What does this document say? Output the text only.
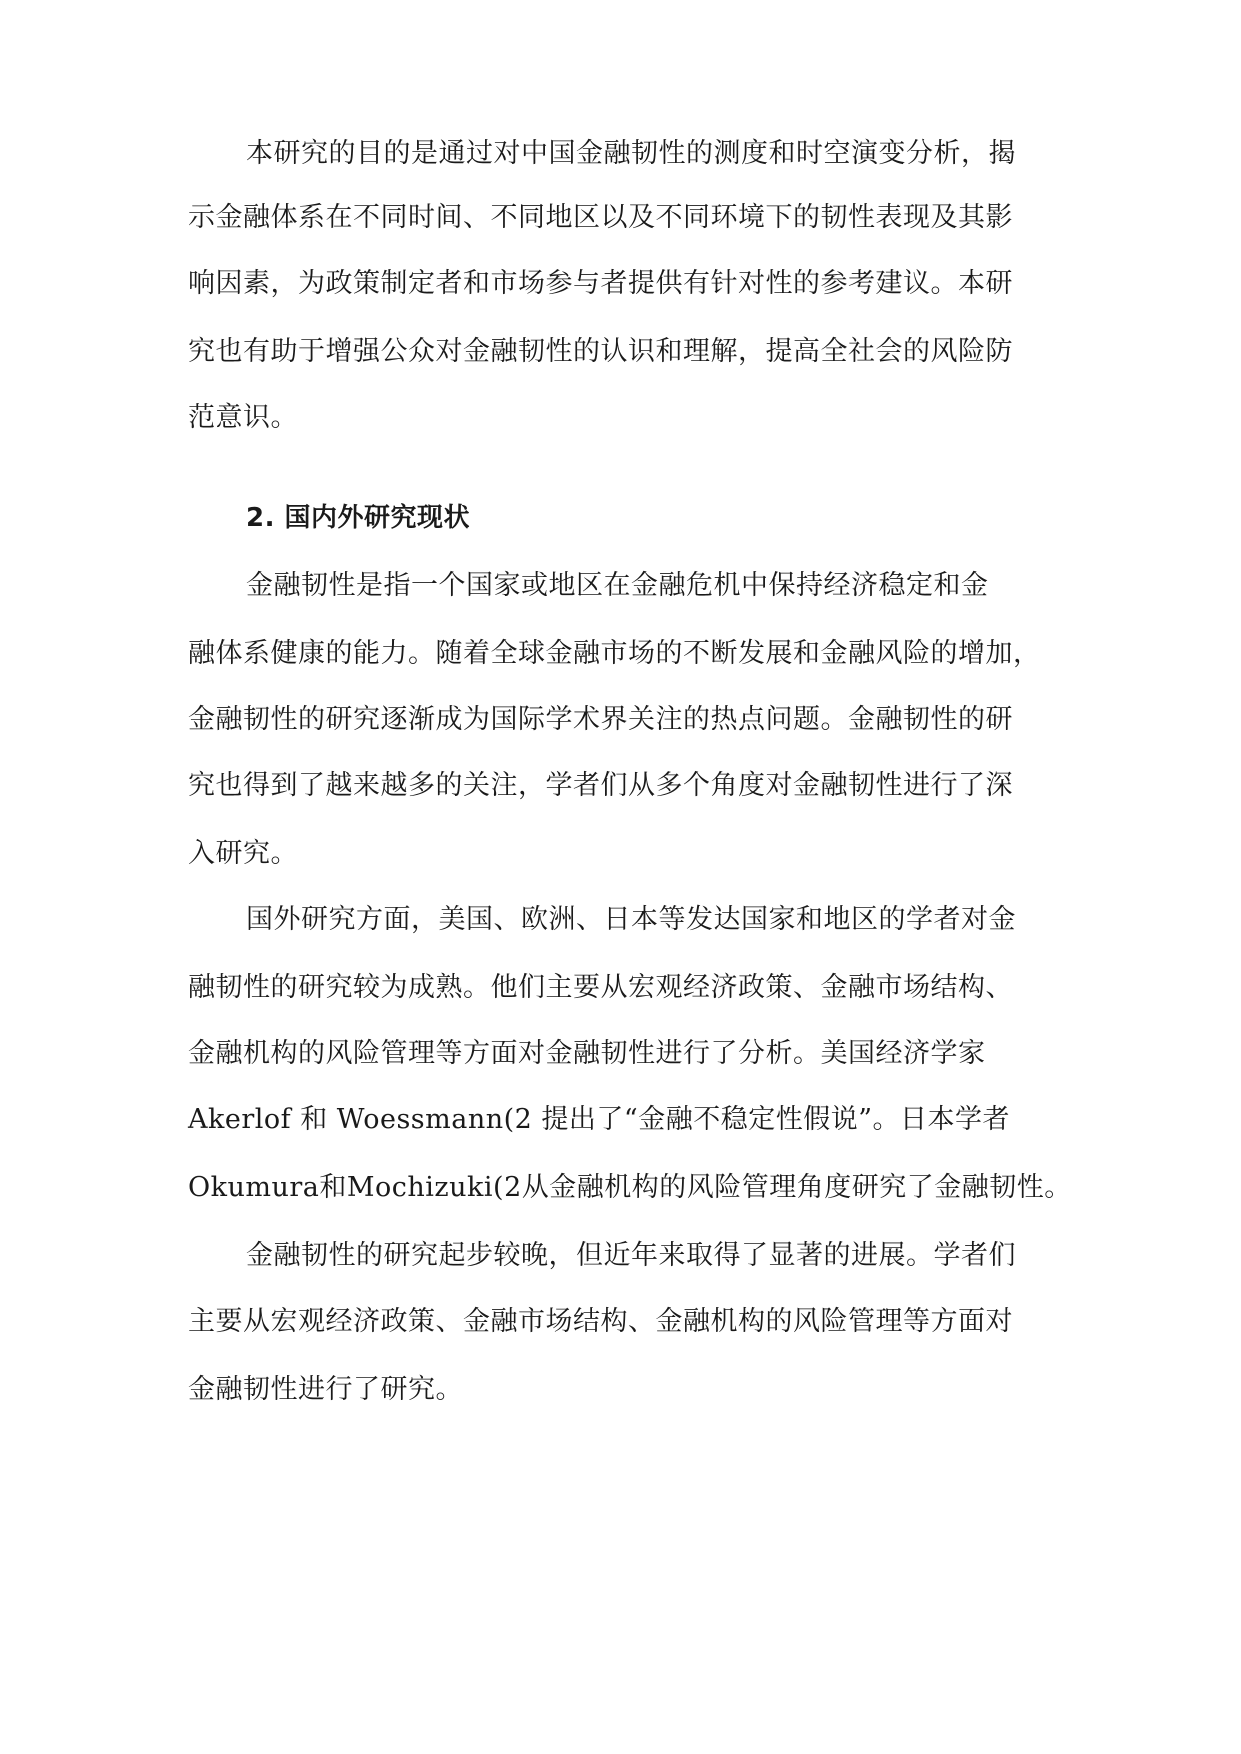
本研究的目的是通过对中国金融韧性的测度和时空演变分析，揭
示金融体系在不同时间、不同地区以及不同环境下的韧性表现及其影
响因素，为政策制定者和市场参与者提供有针对性的参考建议。本研
究也有助于增强公众对金融韧性的认识和理解，提高全社会的风险防
范意识。
2. 国内外研究现状
金融韧性是指一个国家或地区在金融危机中保持经济稳定和金
融体系健康的能力。随着全球金融市场的不断发展和金融风险的增加，
金融韧性的研究逐渐成为国际学术界关注的热点问题。金融韧性的研
究也得到了越来越多的关注，学者们从多个角度对金融韧性进行了深
入研究。
国外研究方面，美国、欧洲、日本等发达国家和地区的学者对金
融韧性的研究较为成熟。他们主要从宏观经济政策、金融市场结构、
金融机构的风险管理等方面对金融韧性进行了分析。美国经济学家
Akerlof 和 Woessmann(2 提出了“金融不稳定性假说”。日本学者
Okumura和Mochizuki(2从金融机构的风险管理角度研究了金融韧性。
金融韧性的研究起步较晚，但近年来取得了显著的进展。学者们
主要从宏观经济政策、金融市场结构、金融机构的风险管理等方面对
金融韧性进行了研究。
